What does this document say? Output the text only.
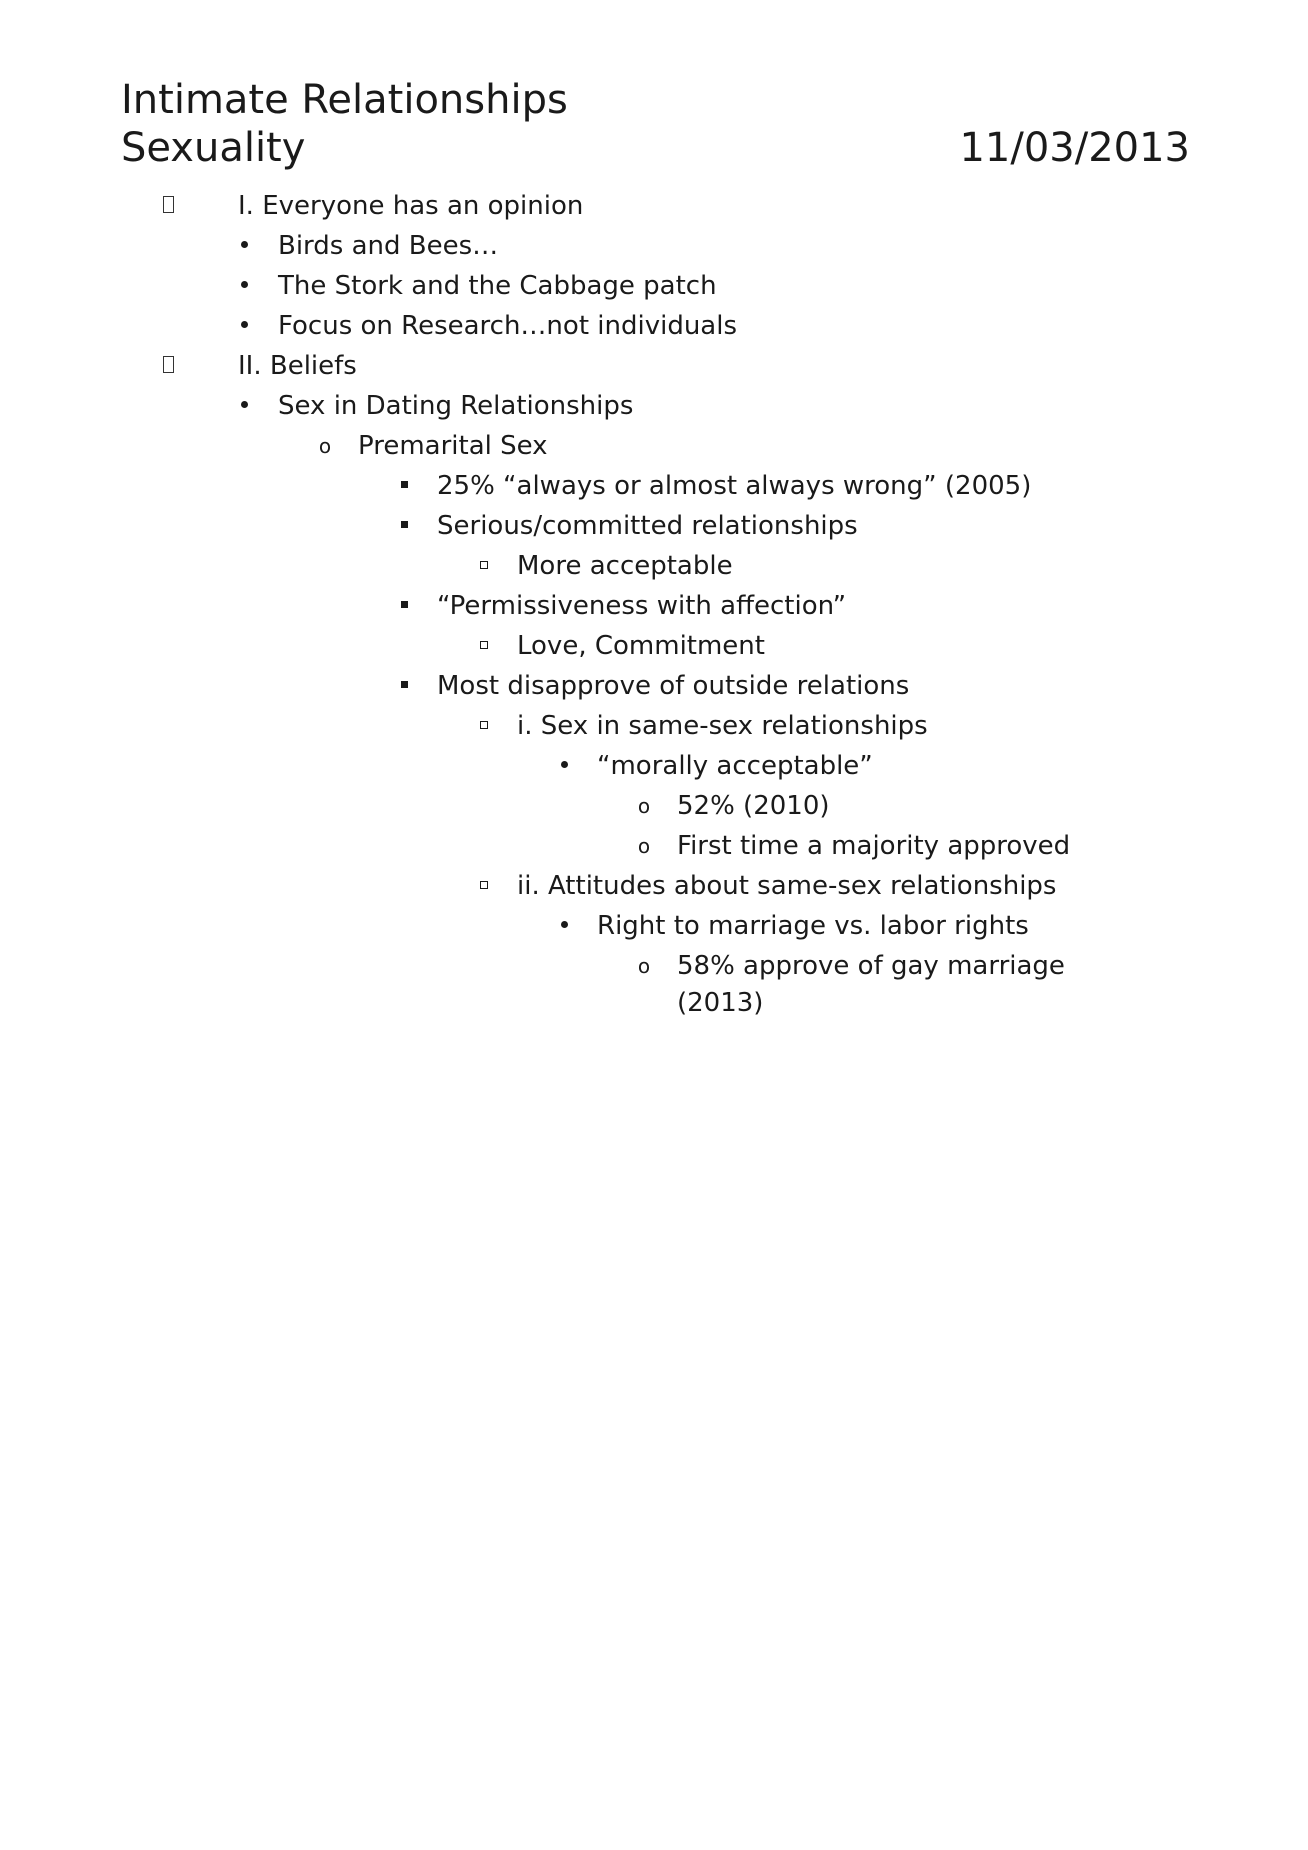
Intimate Relationships
Sexuality	11/03/2013
I. Everyone has an opinion
Birds and Bees…
The Stork and the Cabbage patch
Focus on Research…not individuals
II. Beliefs
Sex in Dating Relationships
o Premarital Sex
25% “always or almost always wrong” (2005)
Serious/committed relationships
More acceptable
“Permissiveness with affection”
Love, Commitment
Most disapprove of outside relations
i. Sex in same-sex relationships
“morally acceptable”
o 52% (2010)
o First time a majority approved
ii. Attitudes about same-sex relationships
Right to marriage vs. labor rights
o 58% approve of gay marriage
(2013)
